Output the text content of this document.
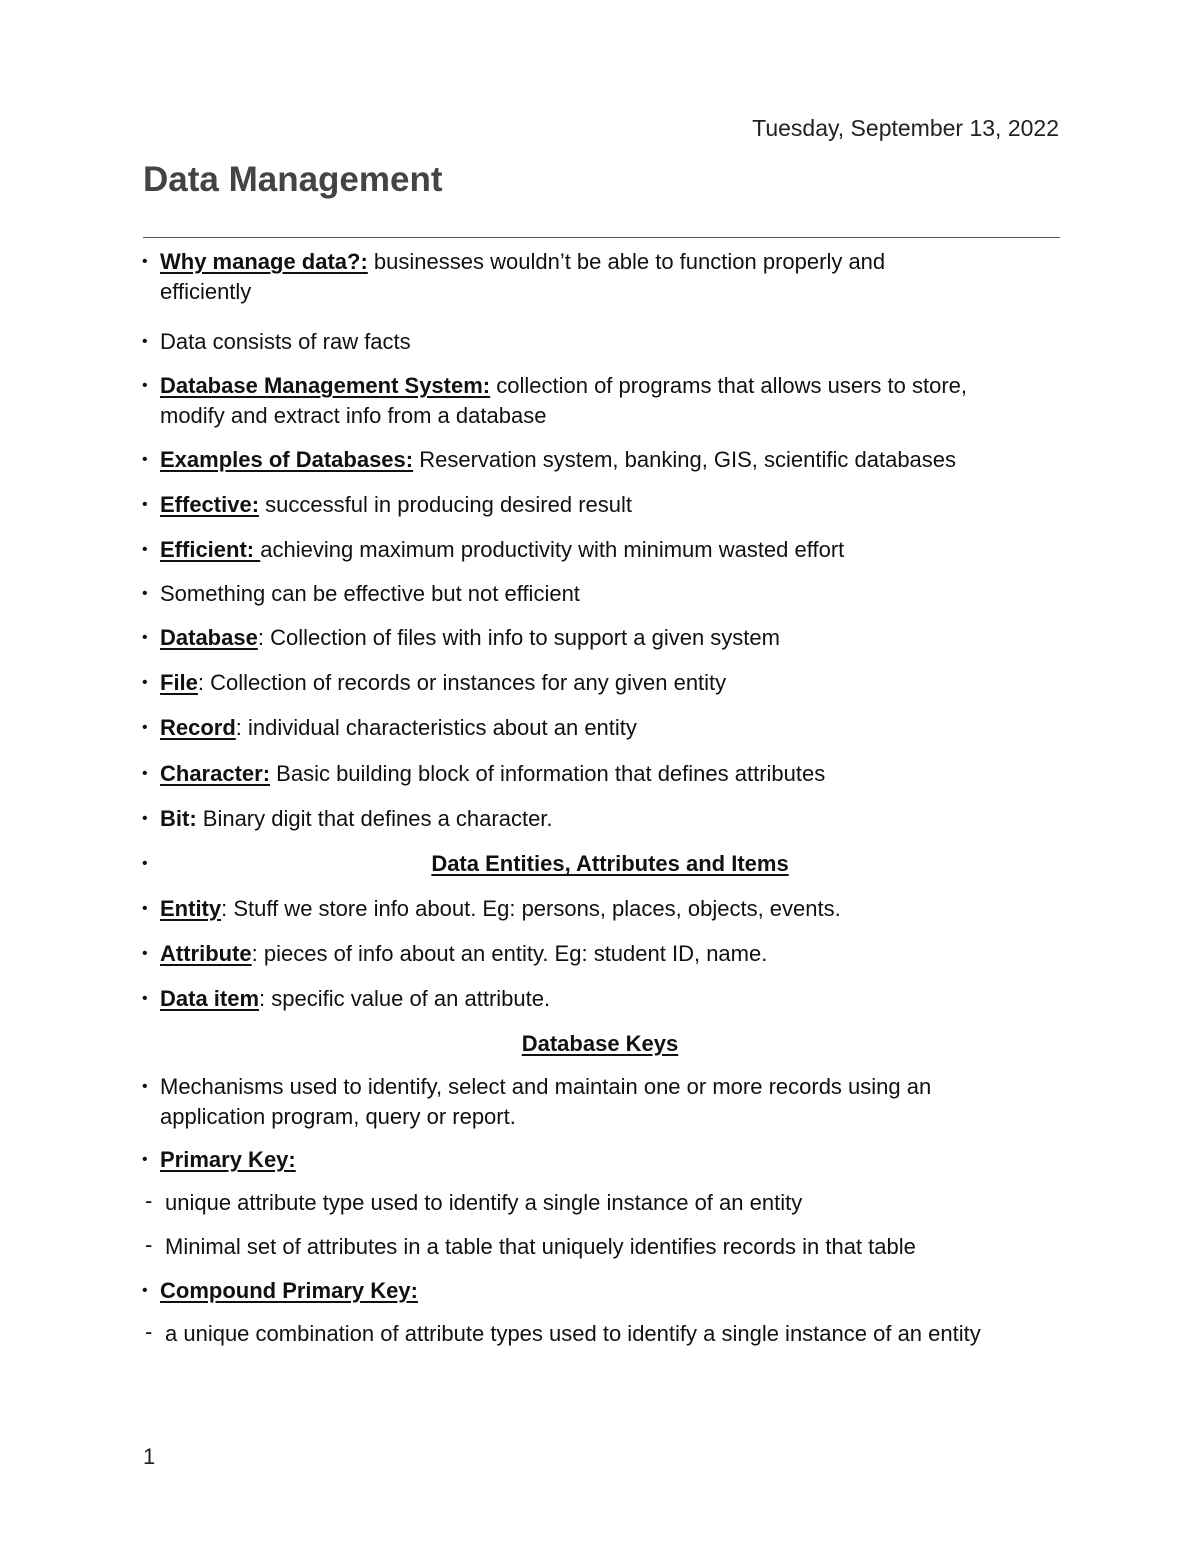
Tuesday, September 13, 2022
Data Management
• Why manage data?: businesses wouldn’t be able to function properly and
efficiently
• Data consists of raw facts
• Database Management System: collection of programs that allows users to store,
modify and extract info from a database
• Examples of Databases: Reservation system, banking, GIS, scientific databases
• Effective: successful in producing desired result
• Efficient: achieving maximum productivity with minimum wasted effort
• Something can be effective but not efficient
• Database: Collection of files with info to support a given system
• File: Collection of records or instances for any given entity
• Record: individual characteristics about an entity
• Character: Basic building block of information that defines attributes
• Bit: Binary digit that defines a character.
•	Data Entities, Attributes and Items
• Entity: Stuff we store info about. Eg: persons, places, objects, events.
• Attribute: pieces of info about an entity. Eg: student ID, name.
• Data item: specific value of an attribute.
Database Keys
• Mechanisms used to identify, select and maintain one or more records using an
application program, query or report.
• Primary Key:
- unique attribute type used to identify a single instance of an entity
- Minimal set of attributes in a table that uniquely identifies records in that table
• Compound Primary Key:
- a unique combination of attribute types used to identify a single instance of an entity
1
